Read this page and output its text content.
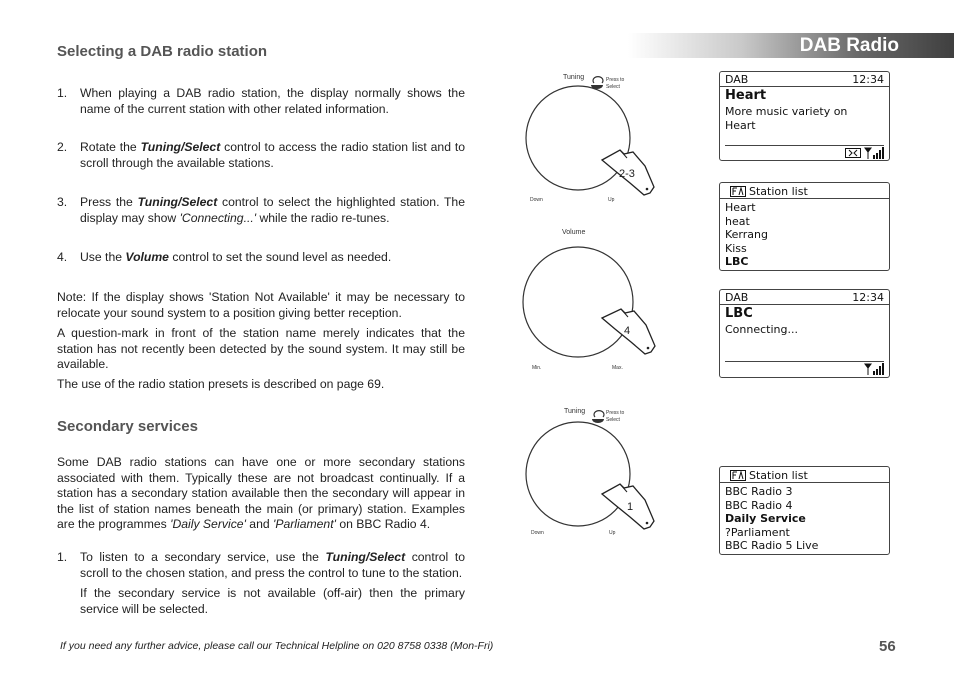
DAB Radio
Selecting a DAB radio station
1. When playing a DAB radio station, the display normally shows the name of the current station with other related information.
2. Rotate the Tuning/Select control to access the radio station list and to scroll through the available stations.
3. Press the Tuning/Select control to select the highlighted station. The display may show 'Connecting...' while the radio re-tunes.
4. Use the Volume control to set the sound level as needed.
Note: If the display shows 'Station Not Available' it may be necessary to relocate your sound system to a position giving better reception.
A question-mark in front of the station name merely indicates that the station has not recently been detected by the sound system. It may still be available.
The use of the radio station presets is described on page 69.
Secondary services
Some DAB radio stations can have one or more secondary stations associated with them. Typically these are not broadcast continually. If a station has a secondary station available then the secondary will appear in the list of station names beneath the main (or primary) station. Examples are the programmes 'Daily Service' and 'Parliament' on BBC Radio 4.
1. To listen to a secondary service, use the Tuning/Select control to scroll to the chosen station, and press the control to tune to the station.

If the secondary service is not available (off-air) then the primary service will be selected.

Tuning	Press to
Select
Down	Up
2-3
Volume
Min.	Max.
4
Tuning	Press to
Select
Down	Up
1
DAB	12:34
Heart
More music variety on
Heart
Station list
Heart
heat
Kerrang
Kiss
LBC
DAB	12:34
LBC
Connecting...
Station list
BBC Radio 3
BBC Radio 4
Daily Service
?Parliament
BBC Radio 5 Live
If you need any further advice, please call our Technical Helpline on 020 8758 0338 (Mon-Fri)	56
